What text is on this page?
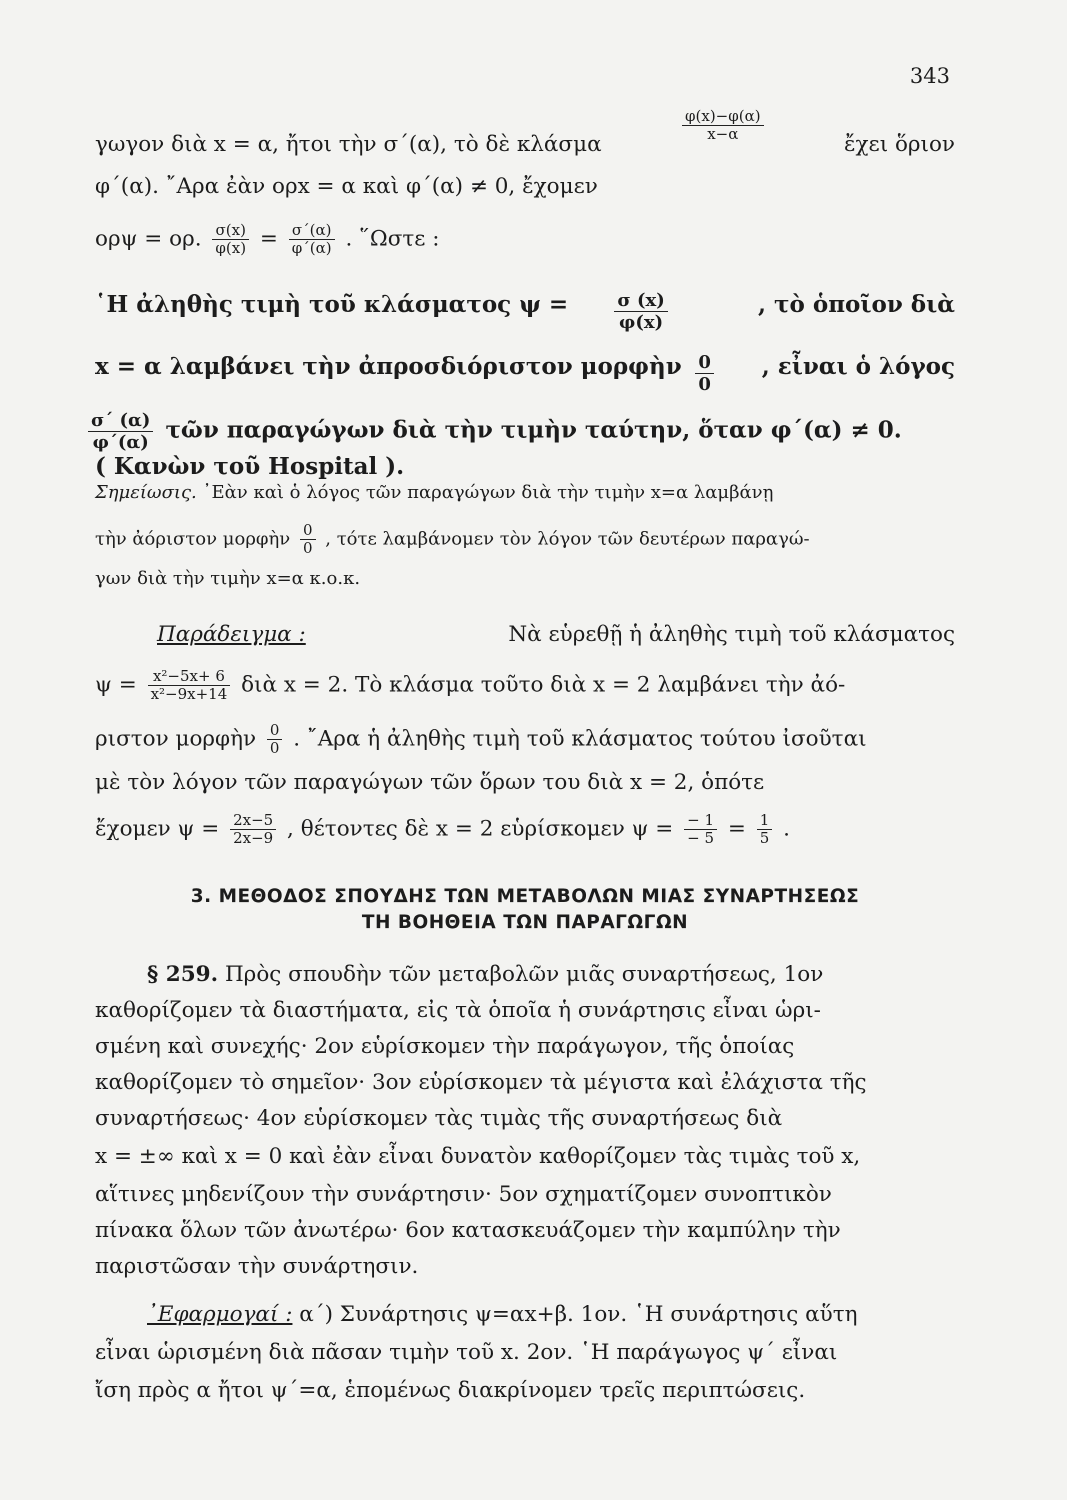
343
γωγον διὰ x = α, ἤτοι τὴν σ΄(α), τὸ δὲ κλάσμα	$\frac{\varphi(x)-\varphi(\alpha)}{x-\alpha}$	ἔχει ὅριον
φ΄(α). ῎Αρα ἐὰν ορx = α καὶ φ΄(α) ≠ 0, ἔχομεν
ορψ = ορ. $\frac{\sigma(x)}{\varphi(x)} = \frac{\sigma΄(\alpha)}{\varphi΄(\alpha)}$ . ῞Ωστε :
῾Η ἀληθὴς τιμὴ τοῦ κλάσματος ψ =	$\frac{\sigma (x)}{\varphi(x)}$	, τὸ ὁποῖον διὰ
x = α λαμβάνει τὴν ἀπροσδιόριστον μορφὴν $\frac{0}{0}$ , εἶναι ὁ λόγος
$\frac{\sigma΄ (\alpha)}{\varphi΄(\alpha)}$ τῶν παραγώγων διὰ τὴν τιμὴν ταύτην, ὅταν φ΄(α) ≠ 0.
( Κανὼν τοῦ Hospital ).
Σημείωσις. ᾿Εὰν καὶ ὁ λόγος τῶν παραγώγων διὰ τὴν τιμὴν x=α λαμβάνῃ
τὴν ἀόριστον μορφὴν $\frac{0}{0}$ , τότε λαμβάνομεν τὸν λόγον τῶν δευτέρων παραγώ-
γων διὰ τὴν τιμὴν x=α κ.ο.κ.
Παράδειγμα :	Νὰ εὑρεθῇ ἡ ἀληθὴς τιμὴ τοῦ κλάσματος
$\psi = \frac{\text{x²−5x+ 6}}{\text{x²−9x+14}}$ διὰ x = 2. Τὸ κλάσμα τοῦτο διὰ x = 2 λαμβάνει τὴν ἀό-
ριστον μορφὴν $\frac{0}{0}$ . ῎Αρα ἡ ἀληθὴς τιμὴ τοῦ κλάσματος τούτου ἰσοῦται
μὲ τὸν λόγον τῶν παραγώγων τῶν ὅρων του διὰ x = 2, ὁπότε
ἔχομεν $\psi = \frac{2x-5}{2x-9}$ , θέτοντες δὲ x = 2 εὑρίσκομεν $\psi = \frac{- 1}{- 5} = \frac{1}{5}$ .
3. ΜΕΘΟΔΟΣ ΣΠΟΥΔΗΣ ΤΩΝ ΜΕΤΑΒΟΛΩΝ ΜΙΑΣ ΣΥΝΑΡΤΗΣΕΩΣ
ΤΗ ΒΟΗΘΕΙΑ ΤΩΝ ΠΑΡΑΓΩΓΩΝ
§ 259. Πρὸς σπουδὴν τῶν μεταβολῶν μιᾶς συναρτήσεως, 1ον
καθορίζομεν τὰ διαστήματα, εἰς τὰ ὁποῖα ἡ συνάρτησις εἶναι ὡρι-
σμένη καὶ συνεχής· 2ον εὑρίσκομεν τὴν παράγωγον, τῆς ὁποίας
καθορίζομεν τὸ σημεῖον· 3ον εὑρίσκομεν τὰ μέγιστα καὶ ἐλάχιστα τῆς
συναρτήσεως· 4ον εὑρίσκομεν τὰς τιμὰς τῆς συναρτήσεως διὰ
x = ±∞ καὶ x = 0 καὶ ἐὰν εἶναι δυνατὸν καθορίζομεν τὰς τιμὰς τοῦ x,
αἵτινες μηδενίζουν τὴν συνάρτησιν· 5ον σχηματίζομεν συνοπτικὸν
πίνακα ὅλων τῶν ἀνωτέρω· 6ον κατασκευάζομεν τὴν καμπύλην τὴν
παριστῶσαν τὴν συνάρτησιν.
᾿Εφαρμογαί : α΄) Συνάρτησις ψ=αx+β. 1ον. ῾Η συνάρτησις αὕτη
εἶναι ὡρισμένη διὰ πᾶσαν τιμὴν τοῦ x. 2ον. ῾Η παράγωγος ψ΄ εἶναι
ἴση πρὸς α ἤτοι ψ΄=α, ἑπομένως διακρίνομεν τρεῖς περιπτώσεις.
